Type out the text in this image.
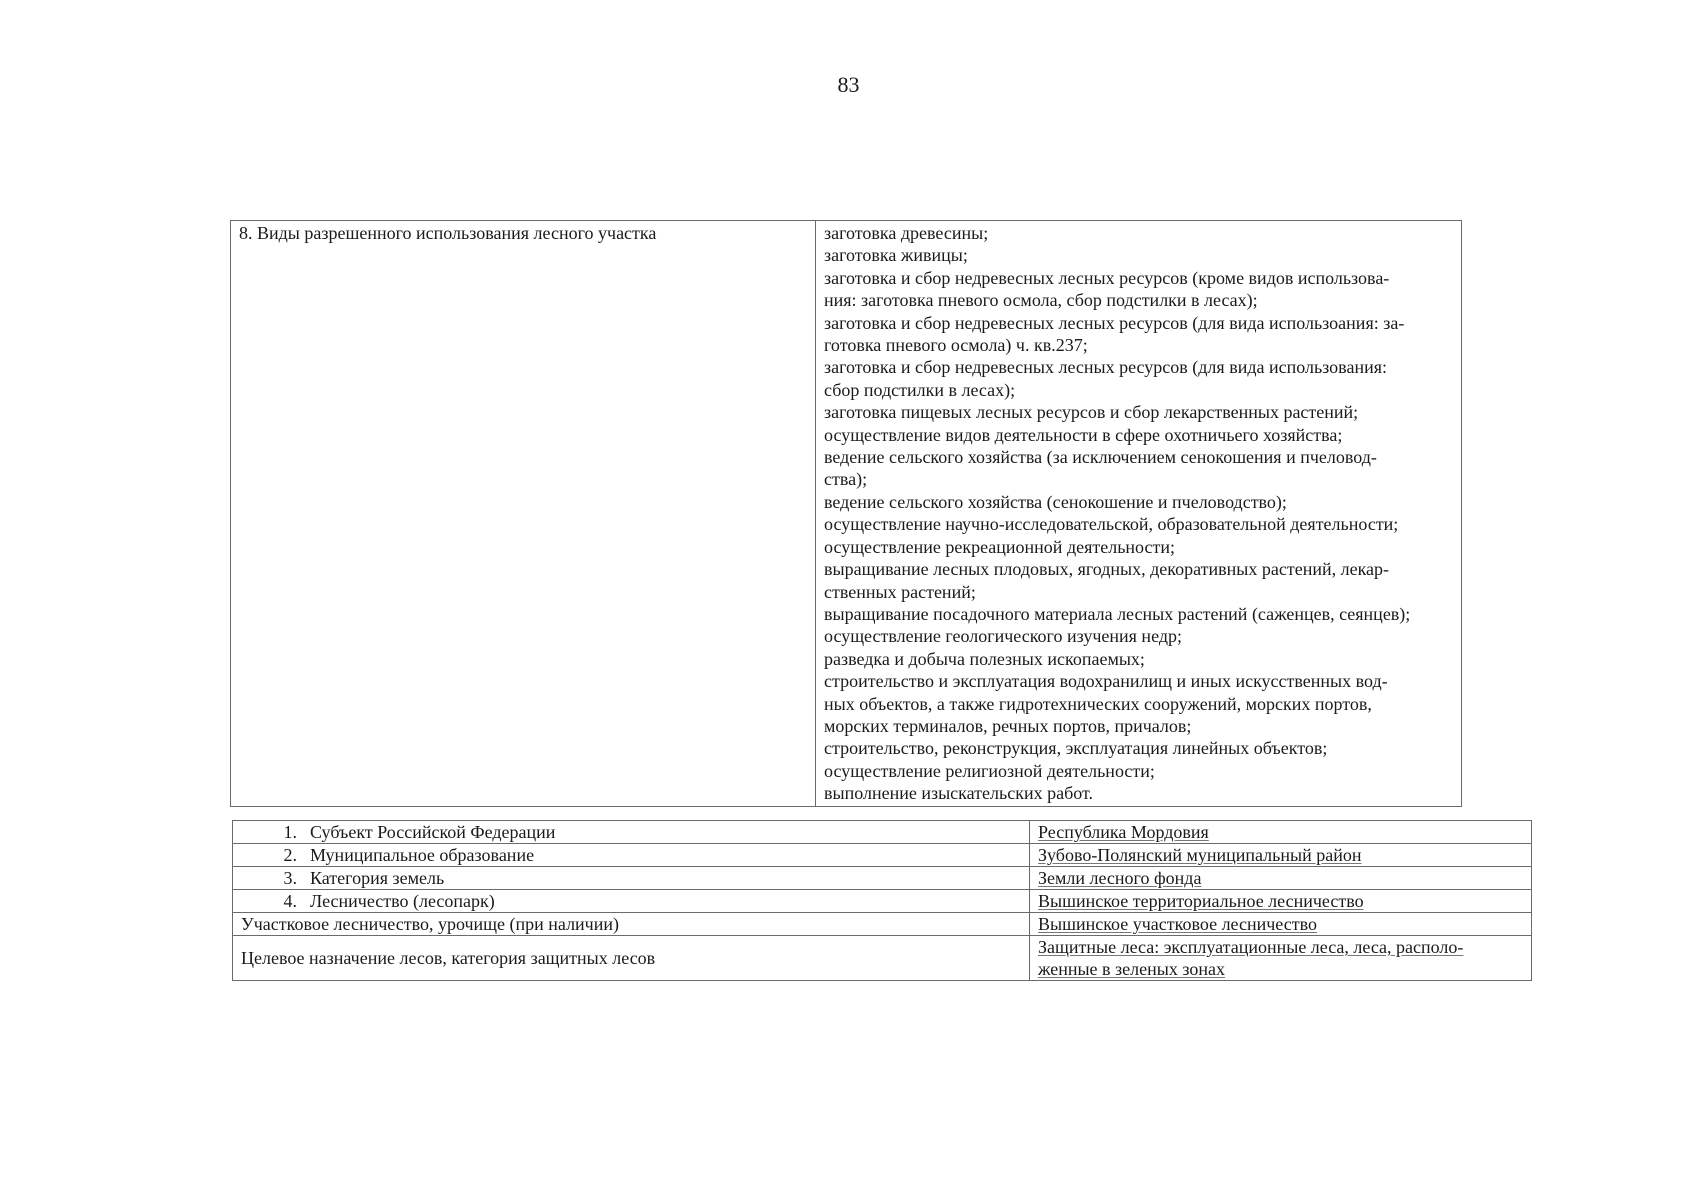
83
8. Виды разрешенного использования лесного участка	заготовка древесины;
заготовка живицы;
заготовка и сбор недревесных лесных ресурсов (кроме видов использова-
ния: заготовка пневого осмола, сбор подстилки в лесах);
заготовка и сбор недревесных лесных ресурсов (для вида использоания: за-
готовка пневого осмола) ч. кв.237;
заготовка и сбор недревесных лесных ресурсов (для вида использования:
сбор подстилки в лесах);
заготовка пищевых лесных ресурсов и сбор лекарственных растений;
осуществление видов деятельности в сфере охотничьего хозяйства;
ведение сельского хозяйства (за исключением сенокошения и пчеловод-
ства);
ведение сельского хозяйства (сенокошение и пчеловодство);
осуществление научно-исследовательской, образовательной деятельности;
осуществление рекреационной деятельности;
выращивание лесных плодовых, ягодных, декоративных растений, лекар-
ственных растений;
выращивание посадочного материала лесных растений (саженцев, сеянцев);
осуществление геологического изучения недр;
разведка и добыча полезных ископаемых;
строительство и эксплуатация водохранилищ и иных искусственных вод-
ных объектов, а также гидротехнических сооружений, морских портов,
морских терминалов, речных портов, причалов;
строительство, реконструкция, эксплуатация линейных объектов;
осуществление религиозной деятельности;
выполнение изыскательских работ.
1. Субъект Российской Федерации	Республика Мордовия
2. Муниципальное образование	Зубово-Полянский муниципальный район
3. Категория земель	Земли лесного фонда
4. Лесничество (лесопарк)	Вышинское территориальное лесничество
Участковое лесничество, урочище (при наличии)	Вышинское участковое лесничество
Целевое назначение лесов, категория защитных лесов	Защитные леса: эксплуатационные леса, леса, располо-
женные в зеленых зонах
